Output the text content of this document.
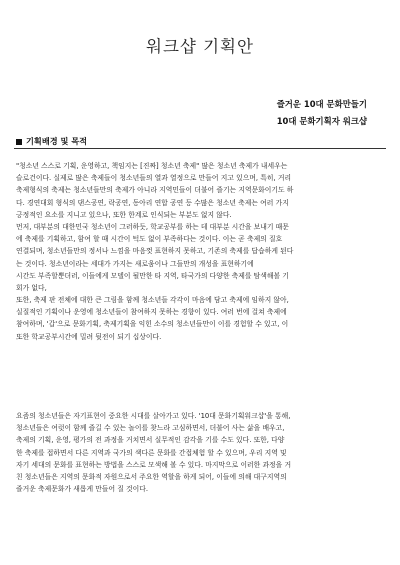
워크샵 기획안
즐거운 10대 문화만들기
10대 문화기획자 워크샵
기획배경 및 목적
"청소년 스스로 기획, 운영하고, 책임지는 [진짜] 청소년 축제" 많은 청소년 축제가 내세우는
슬로건이다. 실제로 많은 축제들이 청소년들의 열과 열정으로 만들어 지고 있으며, 특히, 거리
축제형식의 축제는 청소년들만의 축제가 아니라 지역민들이 더불어 즐기는 지역문화이기도 하
다. 경연대회 형식의 댄스공연, 락공연, 동아리 연합 공연 등 수많은 청소년 축제는 여러 가지
긍정적인 요소를 지니고 있으나, 또한 한계로 인식되는 부분도 없지 않다.
먼저, 대부분의 대한민국 청소년이 그러하듯, 학교공부를 하는 데 대부분 시간을 보내기 때문
에 축제를 기획하고, 함여 할 때 시간이 턱도 없이 부족하다는 것이다. 이는 곧 축제의 질호
연결되며, 청소년들만의 정서나 느낌을 마음껏 표현하지 못하고, 기존의 축제를 답습하게 된다
는 것이다. 청소년이라는 세대가 가지는 새로움이나 그들만의 개성을 표현하기에
시간도 부족할뿐더러, 이들에게 모델이 될만한 타 지역, 타국가의 다양한 축제를 탐색해볼 기
회가 없다,
또한, 축제 판 전체에 대한 큰 그림을 함께 청소년들 각각이 마음에 담고 축제에 임하지 않아,
실질적인 기획이나 운영에 청소년들이 참여하지 못하는 경향이 있다. 여러 번에 걸쳐 축제에
참여하며, '갑'으로 문화기획, 축제기획을 익힌 소수의 청소년들만이 이를 경험할 수 있고, 이
또한 학교공부시간에 밀려 뒷전이 되기 십상이다.
요즘의 청소년들은 자기표현이 중요한 시대를 살아가고 있다. '10대 문화기획워크샵'을 통해,
청소년들은 여럿이 함께 즐길 수 있는 놀이를 찾느라 고심하면서, 더불어 사는 삶을 배우고,
축제의 기획, 운영, 평가의 전 과정을 거치면서 실무적인 감각을 기를 수도 있다. 또한, 다양
한 축제를 접하면서 다른 지역과 국가의 색다른 문화를 간접체험 할 수 있으며, 우리 지역 및
자기 세대의 문화를 표현하는 방법을 스스로 모색해 볼 수 있다. 마지막으로 이러한 과정을 거
친 청소년들은 지역의 문화적 자원으로서 주요한 역할을 하게 되어, 이들에 의해 대구지역의
즐거운 축제문화가 새롭게 만들어 질 것이다.
